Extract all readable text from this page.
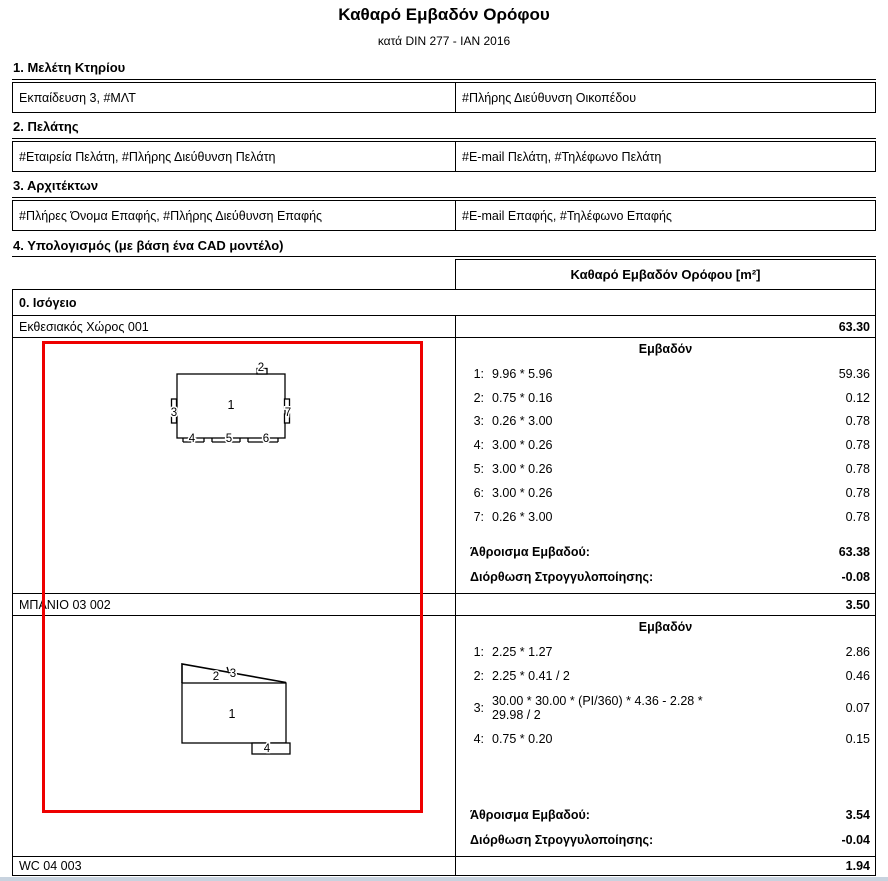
Καθαρό Εμβαδόν Ορόφου
κατά DIN 277 - IAN 2016
1. Μελέτη Κτηρίου
Εκπαίδευση 3, #ΜΛΤ	#Πλήρης Διεύθυνση Οικοπέδου
2. Πελάτης
#Εταιρεία Πελάτη, #Πλήρης Διεύθυνση Πελάτη	#E-mail Πελάτη, #Τηλέφωνο Πελάτη
3. Αρχιτέκτων
#Πλήρες Όνομα Επαφής, #Πλήρης Διεύθυνση Επαφής	#E-mail Επαφής, #Τηλέφωνο Επαφής
4. Υπολογισμός (με βάση ένα CAD μοντέλο)
Καθαρό Εμβαδόν Ορόφου [m²]
0. Ισόγειο
Εκθεσιακός Χώρος 001	63.30
1
2
3
4	5	6
7
Εμβαδόν
1: 9.96 * 5.96	59.36
2: 0.75 * 0.16	0.12
3: 0.26 * 3.00	0.78
4: 3.00 * 0.26	0.78
5: 3.00 * 0.26	0.78
6: 3.00 * 0.26	0.78
7: 0.26 * 3.00	0.78
Άθροισμα Εμβαδού:	63.38
Διόρθωση Στρογγυλοποίησης:	-0.08
ΜΠΑΝΙΟ 03 002	3.50
1
2 3
4
Εμβαδόν
1: 2.25 * 1.27	2.86
2: 2.25 * 0.41 / 2	0.46
3: 30.00 * 30.00 * (PI/360) * 4.36 - 2.28 *
29.98 / 2	0.07
4: 0.75 * 0.20	0.15
Άθροισμα Εμβαδού:	3.54
Διόρθωση Στρογγυλοποίησης:	-0.04
WC 04 003	1.94
